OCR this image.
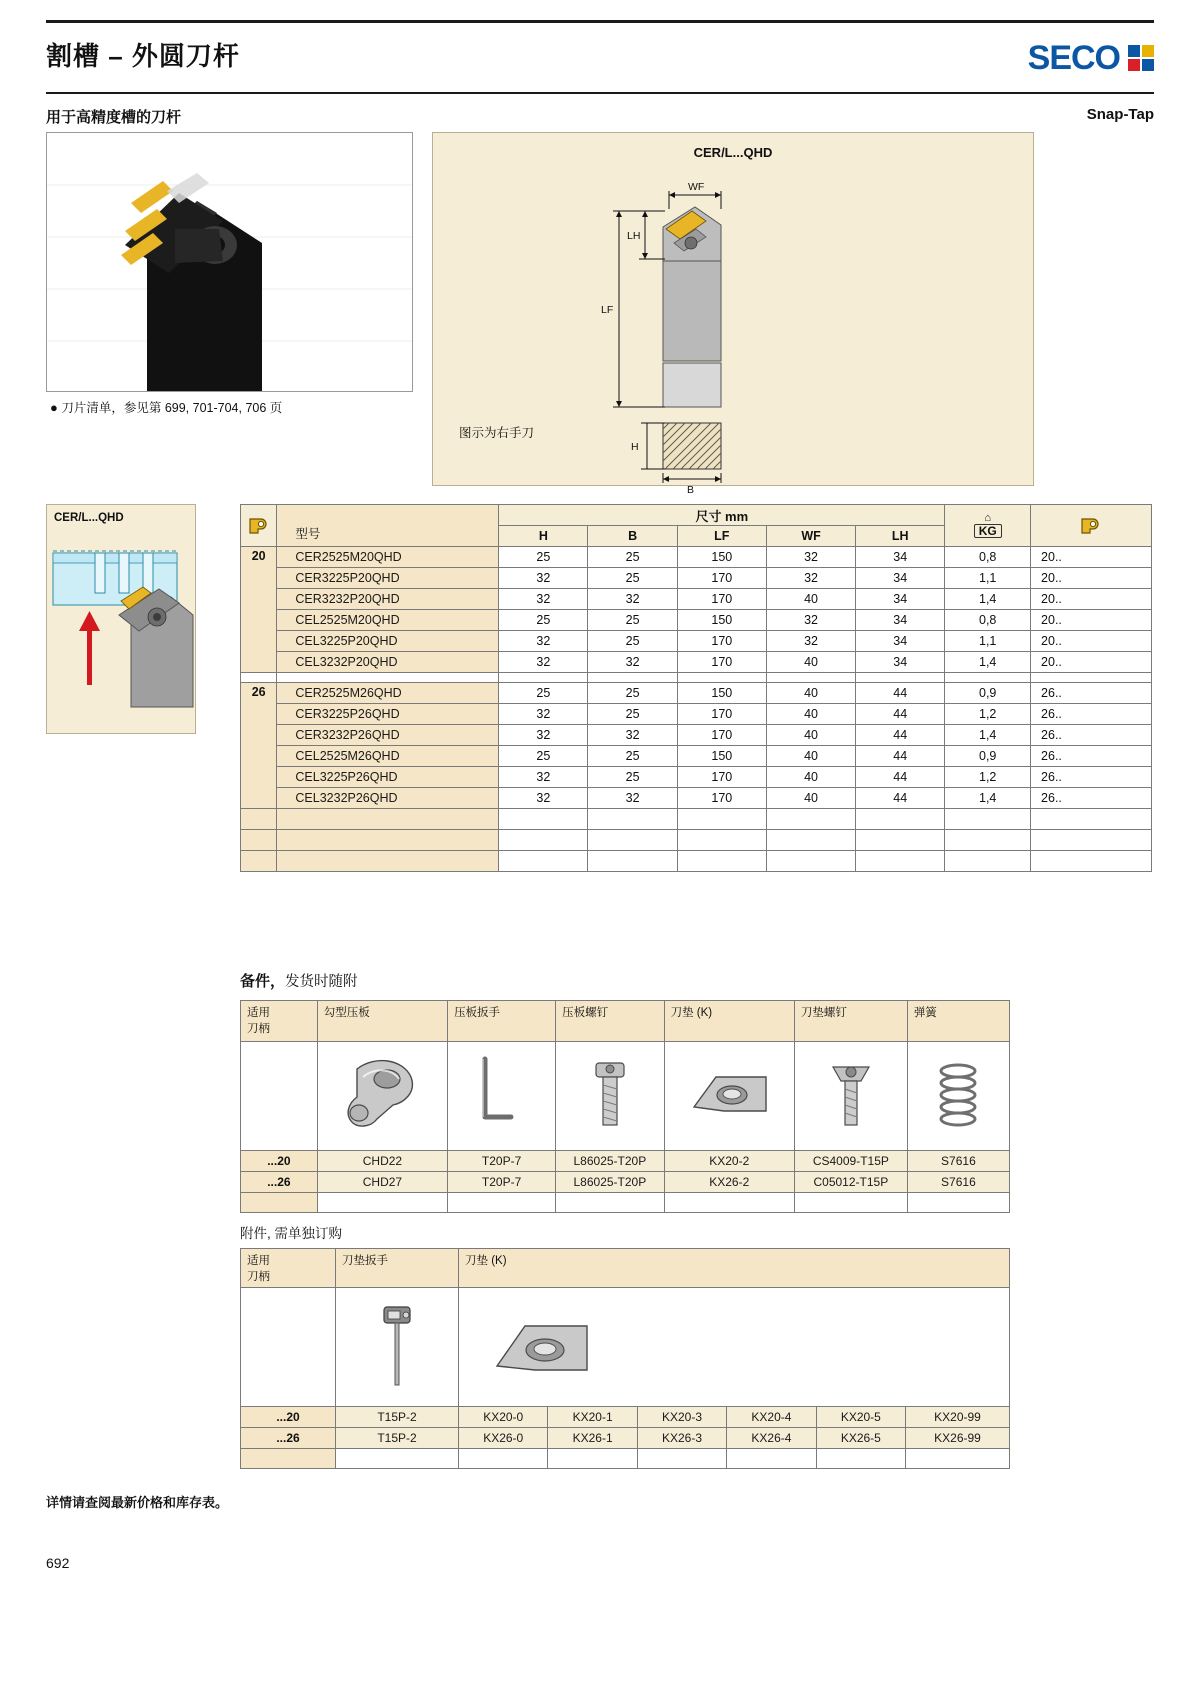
割槽 – 外圆刀杆	SECO
用于高精度槽的刀杆	Snap-Tap
● 刀片清单，参见第 699, 701-704, 706 页
CER/L...QHD
WF
LH
LF
H
B
图示为右手刀
CER/L...QHD
	型号	尺寸 mm					⌂
KG

		H	B	LF	WF	LH		
20	CER2525M20QHD	25	25	150	32	34	0,8	20..
	CER3225P20QHD	32	25	170	32	34	1,1	20..
	CER3232P20QHD	32	32	170	40	34	1,4	20..
	CEL2525M20QHD	25	25	150	32	34	0,8	20..
	CEL3225P20QHD	32	25	170	32	34	1,1	20..
	CEL3232P20QHD	32	32	170	40	34	1,4	20..

26	CER2525M26QHD	25	25	150	40	44	0,9	26..
	CER3225P26QHD	32	25	170	40	44	1,2	26..
	CER3232P26QHD	32	32	170	40	44	1,4	26..
	CEL2525M26QHD	25	25	150	40	44	0,9	26..
	CEL3225P26QHD	32	25	170	40	44	1,2	26..
	CEL3232P26QHD	32	32	170	40	44	1,4	26..

备件，发货时随附
适用
刀柄	勾型压板	压板扳手	压板螺钉	刀垫 (K)	刀垫螺钉	弹簧

...20	CHD22	T20P-7	L86025-T20P	KX20-2	CS4009-T15P	S7616
...26	CHD27	T20P-7	L86025-T20P	KX26-2	C05012-T15P	S7616

附件, 需单独订购
适用
刀柄	刀垫扳手	刀垫 (K)					

...20	T15P-2	KX20-0	KX20-1	KX20-3	KX20-4	KX20-5	KX20-99
...26	T15P-2	KX26-0	KX26-1	KX26-3	KX26-4	KX26-5	KX26-99

详情请查阅最新价格和库存表。
692
